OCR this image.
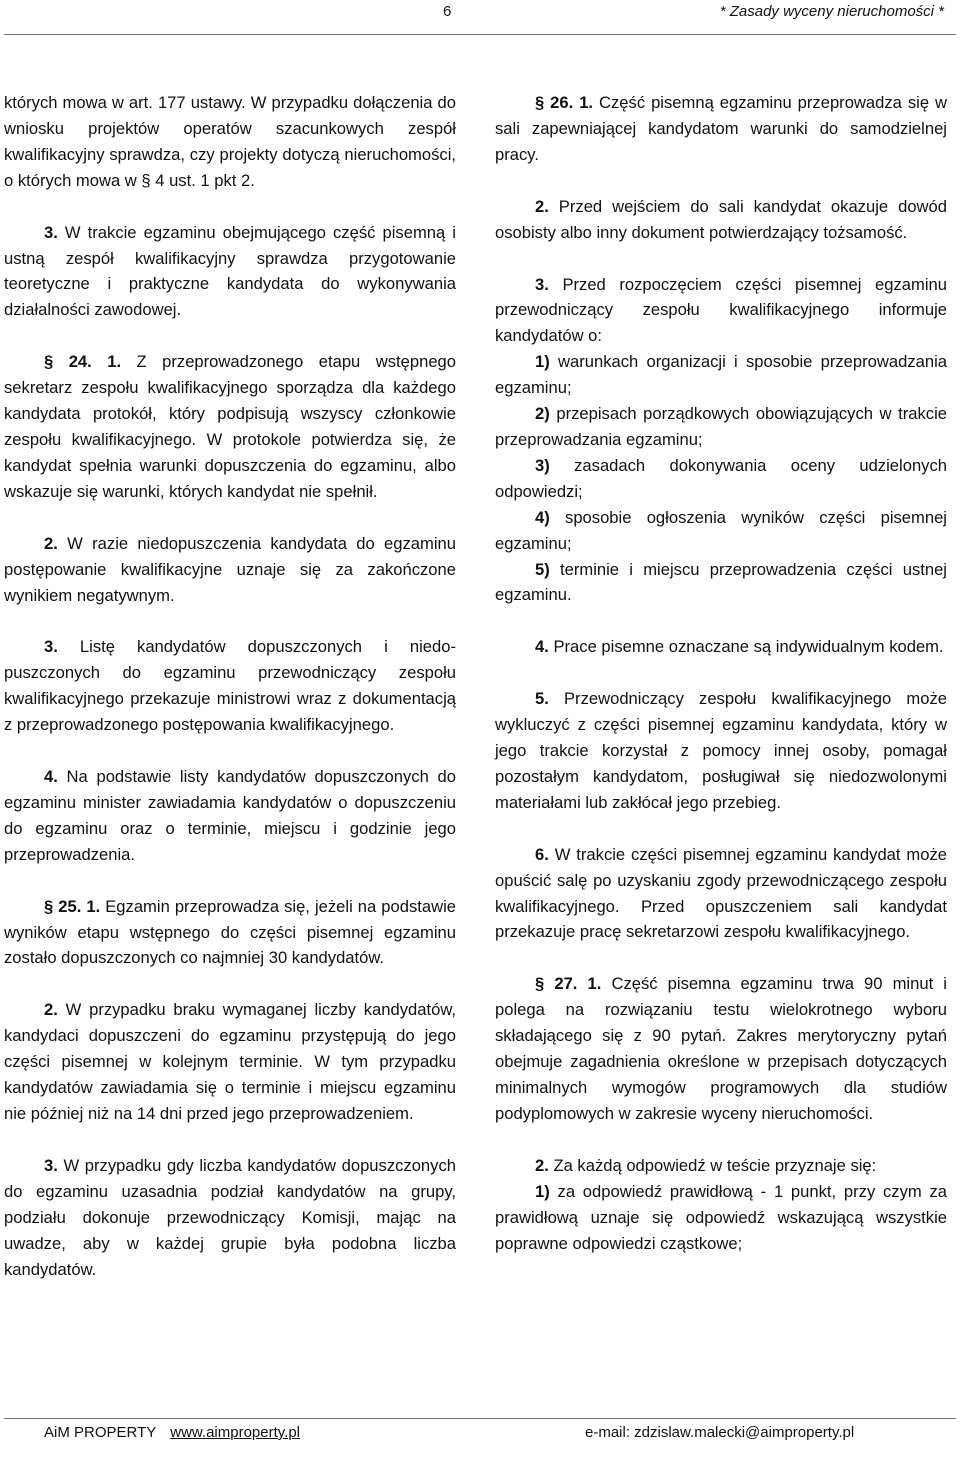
6	* Zasady wyceny nieruchomości *

których mowa w art. 177 ustawy. W przypadku dołączenia do wniosku projektów operatów szacunkowych zespół kwalifikacyjny sprawdza, czy projekty dotyczą nieruchomości, o których mowa w § 4 ust. 1 pkt 2.

3. W trakcie egzaminu obejmującego część pisemną i ustną zespół kwalifikacyjny sprawdza przygotowanie teoretyczne i praktyczne kandydata do wykonywania działalności zawodowej.

§ 24. 1. Z przeprowadzonego etapu wstępnego sekretarz zespołu kwalifikacyjnego sporządza dla każdego kandydata protokół, który podpisują wszyscy członkowie zespołu kwalifikacyjnego. W protokole potwierdza się, że kandydat spełnia warunki dopuszczenia do egzaminu, albo wskazuje się warunki, których kandydat nie spełnił.

2. W razie niedopuszczenia kandydata do egzaminu postępowanie kwalifikacyjne uznaje się za zakończone wynikiem negatywnym.

3. Listę kandydatów dopuszczonych i niedopuszczonych do egzaminu przewodniczący zespołu kwalifikacyjnego przekazuje ministrowi wraz z dokumentacją z przeprowadzonego postępowania kwalifikacyjnego.

4. Na podstawie listy kandydatów dopuszczonych do egzaminu minister zawiadamia kandydatów o dopuszczeniu do egzaminu oraz o terminie, miejscu i godzinie jego przeprowadzenia.

§ 25. 1. Egzamin przeprowadza się, jeżeli na podstawie wyników etapu wstępnego do części pisemnej egzaminu zostało dopuszczonych co najmniej 30 kandydatów.

2. W przypadku braku wymaganej liczby kandydatów, kandydaci dopuszczeni do egzaminu przystępują do jego części pisemnej w kolejnym terminie. W tym przypadku kandydatów zawiadamia się o terminie i miejscu egzaminu nie później niż na 14 dni przed jego przeprowadzeniem.

3. W przypadku gdy liczba kandydatów dopuszczonych do egzaminu uzasadnia podział kandydatów na grupy, podziału dokonuje przewodniczący Komisji, mając na uwadze, aby w każdej grupie była podobna liczba kandydatów.

§ 26. 1. Część pisemną egzaminu przeprowadza się w sali zapewniającej kandydatom warunki do samodzielnej pracy.

2. Przed wejściem do sali kandydat okazuje dowód osobisty albo inny dokument potwierdzający tożsamość.

3. Przed rozpoczęciem części pisemnej egzaminu przewodniczący zespołu kwalifikacyjnego informuje kandydatów o:

1) warunkach organizacji i sposobie przeprowadzania egzaminu;

2) przepisach porządkowych obowiązujących w trakcie przeprowadzania egzaminu;

3) zasadach dokonywania oceny udzielonych odpowiedzi;

4) sposobie ogłoszenia wyników części pisemnej egzaminu;

5) terminie i miejscu przeprowadzenia części ustnej egzaminu.

4. Prace pisemne oznaczane są indywidualnym kodem.

5. Przewodniczący zespołu kwalifikacyjnego może wykluczyć z części pisemnej egzaminu kandydata, który w jego trakcie korzystał z pomocy innej osoby, pomagał pozostałym kandydatom, posługiwał się niedozwolonymi materiałami lub zakłócał jego przebieg.

6. W trakcie części pisemnej egzaminu kandydat może opuścić salę po uzyskaniu zgody przewodniczącego zespołu kwalifikacyjnego. Przed opuszczeniem sali kandydat przekazuje pracę sekretarzowi zespołu kwalifikacyjnego.

§ 27. 1. Część pisemna egzaminu trwa 90 minut i polega na rozwiązaniu testu wielokrotnego wyboru składającego się z 90 pytań. Zakres merytoryczny pytań obejmuje zagadnienia określone w przepisach dotyczących minimalnych wymogów programowych dla studiów podyplomowych w zakresie wyceny nieruchomości.

2. Za każdą odpowiedź w teście przyznaje się:

1) za odpowiedź prawidłową - 1 punkt, przy czym za prawidłową uznaje się odpowiedź wskazującą wszystkie poprawne odpowiedzi cząstkowe;

AiM PROPERTY www.aimproperty.pl	e-mail: zdzislaw.malecki@aimproperty.pl
